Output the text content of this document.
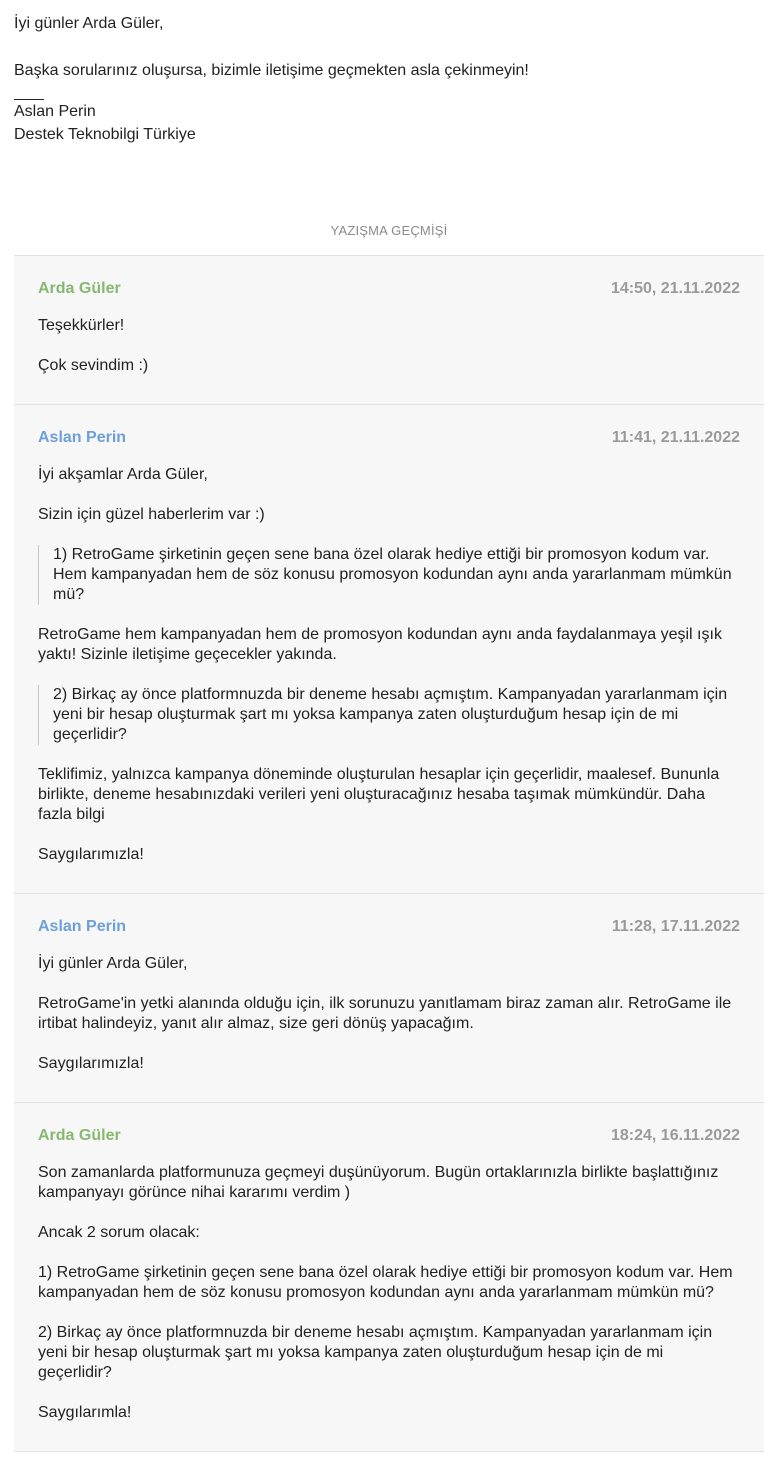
İyi günler Arda Güler,

Başka sorularınız oluşursa, bizimle iletişime geçmekten asla çekinmeyin!

Aslan Perin

Destek Teknobilgi Türkiye

YAZIŞMA GEÇMİŞİ
Arda Güler	14:50, 21.11.2022

Teşekkürler!

Çok sevindim :)

Aslan Perin	11:41, 21.11.2022

İyi akşamlar Arda Güler,

Sizin için güzel haberlerim var :)

1) RetroGame şirketinin geçen sene bana özel olarak hediye ettiği bir promosyon kodum var. Hem kampanyadan hem de söz konusu promosyon kodundan aynı anda yararlanmam mümkün mü?

RetroGame hem kampanyadan hem de promosyon kodundan aynı anda faydalanmaya yeşil ışık yaktı! Sizinle iletişime geçecekler yakında.

2) Birkaç ay önce platformnuzda bir deneme hesabı açmıştım. Kampanyadan yararlanmam için yeni bir hesap oluşturmak şart mı yoksa kampanya zaten oluşturduğum hesap için de mi geçerlidir?

Teklifimiz, yalnızca kampanya döneminde oluşturulan hesaplar için geçerlidir, maalesef. Bununla birlikte, deneme hesabınızdaki verileri yeni oluşturacağınız hesaba taşımak mümkündür. Daha fazla bilgi

Saygılarımızla!

Aslan Perin	11:28, 17.11.2022

İyi günler Arda Güler,

RetroGame'in yetki alanında olduğu için, ilk sorunuzu yanıtlamam biraz zaman alır. RetroGame ile irtibat halindeyiz, yanıt alır almaz, size geri dönüş yapacağım.

Saygılarımızla!

Arda Güler	18:24, 16.11.2022

Son zamanlarda platformunuza geçmeyi duşünüyorum. Bugün ortaklarınızla birlikte başlattığınız kampanyayı görünce nihai kararımı verdim )

Ancak 2 sorum olacak:

1) RetroGame şirketinin geçen sene bana özel olarak hediye ettiği bir promosyon kodum var. Hem kampanyadan hem de söz konusu promosyon kodundan aynı anda yararlanmam mümkün mü?

2) Birkaç ay önce platformnuzda bir deneme hesabı açmıştım. Kampanyadan yararlanmam için yeni bir hesap oluşturmak şart mı yoksa kampanya zaten oluşturduğum hesap için de mi geçerlidir?

Saygılarımla!
